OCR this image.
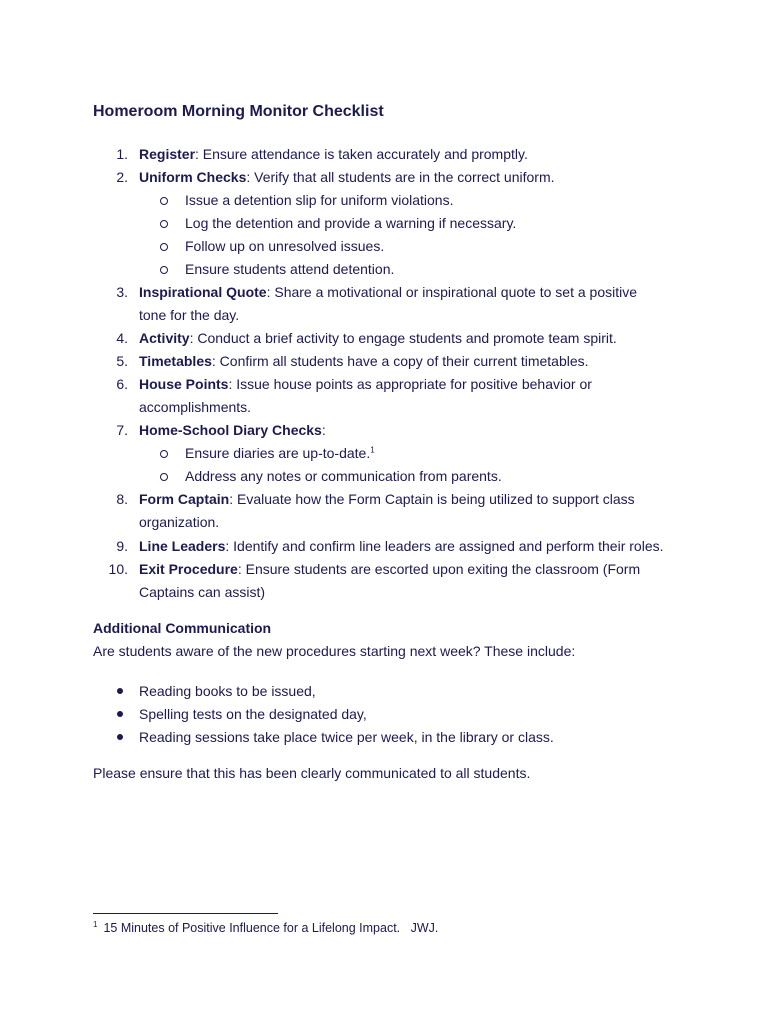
Homeroom Morning Monitor Checklist
1. Register: Ensure attendance is taken accurately and promptly.
2. Uniform Checks: Verify that all students are in the correct uniform.
Issue a detention slip for uniform violations.
Log the detention and provide a warning if necessary.
Follow up on unresolved issues.
Ensure students attend detention.
3. Inspirational Quote: Share a motivational or inspirational quote to set a positive tone for the day.
4. Activity: Conduct a brief activity to engage students and promote team spirit.
5. Timetables: Confirm all students have a copy of their current timetables.
6. House Points: Issue house points as appropriate for positive behavior or accomplishments.
7. Home-School Diary Checks:
Ensure diaries are up-to-date.$^1$
Address any notes or communication from parents.
8. Form Captain: Evaluate how the Form Captain is being utilized to support class organization.
9. Line Leaders: Identify and confirm line leaders are assigned and perform their roles.
10. Exit Procedure: Ensure students are escorted upon exiting the classroom (Form Captains can assist)
Additional Communication
Are students aware of the new procedures starting next week? These include:
Reading books to be issued,
Spelling tests on the designated day,
Reading sessions take place twice per week, in the library or class.
Please ensure that this has been clearly communicated to all students.
$^1$ 15 Minutes of Positive Influence for a Lifelong Impact.   JWJ.
